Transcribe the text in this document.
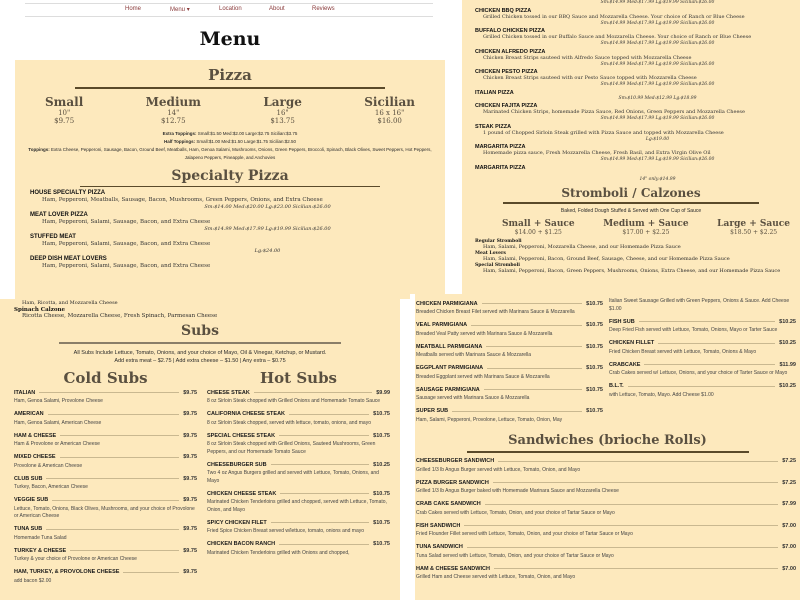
Home	Menu ▾	Location	About	Reviews
Menu
Pizza
Small
10"
$9.75
Medium
14"
$12.75
Large
16"
$13.75
Sicilian
16 x 16"
$16.00
Extra Toppings: Small:$1.50 Med:$2.00 Large:$2.75 Sicilian:$3.75
Half Toppings: Small:$1.00 Med:$1.50 Large:$1.75 Sicilian:$2.50
Toppings: Extra Cheese, Pepperoni, Sausage, Bacon, Ground Beef, Meatballs, Ham, Genoa Salami, Mushrooms, Onions, Green Peppers, Broccoli, Spinach, Black Olives, Sweet Peppers, Hot Peppers, Jalapeno Peppers, Pineapple, and Anchovies
Specialty Pizza
HOUSE SPECIALTY PIZZA
Ham, Pepperoni, Meatballs, Sausage, Bacon, Mushrooms, Green Peppers, Onions, and Extra Cheese
Sm:$14.00 Med:$20.00 Lg:$23.00 Sicilian:$26.00
MEAT LOVER PIZZA
Ham, Pepperoni, Salami, Sausage, Bacon, and Extra Cheese
Sm:$14.99 Med:$17.99 Lg:$19.99 Sicilian:$26.00
STUFFED MEAT
Ham, Pepperoni, Salami, Sausage, Bacon, and Extra Cheese
Lg:$24.00
DEEP DISH MEAT LOVERS
Ham, Pepperoni, Salami, Sausage, Bacon, and Extra Cheese
Sm:$14.99 Med:$17.99 Lg:$19.99 Sicilian:$26.00
CHICKEN BBQ PIZZA
Grilled Chicken tossed in our BBQ Sauce and Mozzarella Cheese. Your choice of Ranch or Blue Cheese
Sm:$14.99 Med:$17.99 Lg:$19.99 Sicilian:$26.00
BUFFALO CHICKEN PIZZA
Grilled Chicken tossed in our Buffalo Sauce and Mozzarella Cheese. Your choice of Ranch or Blue Cheese
Sm:$14.99 Med:$17.99 Lg:$19.99 Sicilian:$26.00
CHICKEN ALFREDO PIZZA
Chicken Breast Strips sauteed with Alfredo Sauce topped with Mozzarella Cheese
Sm:$14.99 Med:$17.99 Lg:$19.99 Sicilian:$26.00
CHICKEN PESTO PIZZA
Chicken Breast Strips sauteed with our Pesto Sauce topped with Mozzarella Cheese
Sm:$14.99 Med:$17.99 Lg:$19.99 Sicilian:$26.00
ITALIAN PIZZA
Sm:$10.99 Med:$12.99 Lg:$18.99
CHICKEN FAJITA PIZZA
Marinated Chicken Strips, homemade Pizza Sauce, Red Onions, Green Peppers and Mozzarella Cheese
Sm:$14.99 Med:$17.99 Lg:$19.99 Sicilian:$26.00
STEAK PIZZA
1 pound of Chopped Sirloin Steak grilled with Pizza Sauce and topped with Mozzarella Cheese
Lg:$19.00
MARGARITA PIZZA
Homemade pizza sauce, Fresh Mozzarella Cheese, Fresh Basil, and Extra Virgin Olive Oil
Sm:$14.99 Med:$17.99 Lg:$19.99 Sicilian:$26.00
MARGARITA PIZZA
14" only:$14.99
Stromboli / Calzones
Baked, Folded Dough Stuffed & Served with One Cup of Sauce
Small + Sauce
$14.00 + $1.25
Medium + Sauce
$17.00 + $2.25
Large + Sauce
$18.50 + $2.25
Regular Stromboli
Ham, Salami, Pepperoni, Mozzarella Cheese, and our Homemade Pizza Sauce
Meat Lovers
Ham, Salami, Pepperoni, Bacon, Ground Beef, Sausage, Cheese, and our Homemade Pizza Sauce
Special Stromboli
Ham, Salami, Pepperoni, Bacon, Green Peppers, Mushrooms, Onions, Extra Cheese, and our Homemade Pizza Sauce
Ham, Ricotta, and Mozzarella Cheese
Spinach Calzone
Ricotta Cheese, Mozzarella Cheese, Fresh Spinach, Parmesan Cheese
Subs
All Subs Include Lettuce, Tomato, Onions, and your choice of Mayo, Oil & Vinegar, Ketchup, or Mustard.
Add extra meat – $2.75 | Add extra cheese – $1.50 | Any extra – $0.75
Cold Subs
ITALIAN	$9.75
Ham, Genoa Salami, Provolone Cheese
AMERICAN	$9.75
Ham, Genoa Salami, American Cheese
HAM & CHEESE	$9.75
Ham & Provolone or American Cheese
MIXED CHEESE	$9.75
Provolone & American Cheese
CLUB SUB	$9.75
Turkey, Bacon, American Cheese
VEGGIE SUB	$9.75
Lettuce, Tomato, Onions, Black Olives, Mushrooms, and your choice of Provolone or American Cheese
TUNA SUB	$9.75
Homemade Tuna Salad
TURKEY & CHEESE	$9.75
Turkey & your choice of Provolone or American Cheese
HAM, TURKEY, & PROVOLONE CHEESE	$9.75
add bacon $2.00
Hot Subs
CHEESE STEAK	$9.99
8 oz Sirloin Steak chopped with Grilled Onions and Homemade Tomato Sauce
CALIFORNIA CHEESE STEAK	$10.75
8 oz Sirloin Steak chopped, served with lettuce, tomato, onions, and mayo
SPECIAL CHEESE STEAK	$10.75
8 oz Sirloin Steak chopped with Grilled Onions, Sauteed Mushrooms, Green Peppers, and our Homemade Tomato Sauce
CHEESEBURGER SUB	$10.25
Two 4 oz Angus Burgers grilled and served with Lettuce, Tomato, Onions, and Mayo
CHICKEN CHEESE STEAK	$10.75
Marinated Chicken Tenderloins grilled and chopped, served with Lettuce, Tomato, Onion, and Mayo
SPICY CHICKEN FILET	$10.75
Fried Spice Chicken Breast served w/lettuce, tomato, onions and mayo
CHICKEN BACON RANCH	$10.75
Marinated Chicken Tenderloins grilled with Onions and chopped,
CHICKEN PARMIGIANA	$10.75
Breaded Chicken Breast Filet served with Marinara Sauce & Mozzarella
VEAL PARMIGIANA	$10.75
Breaded Veal Patty served with Marinara Sauce & Mozzarella
MEATBALL PARMIGIANA	$10.75
Meatballs served with Marinara Sauce & Mozzarella
EGGPLANT PARMIGIANA	$10.75
Breaded Eggplant served with Marinara Sauce & Mozzarella
SAUSAGE PARMIGIANA	$10.75
Sausage served with Marinara Sauce & Mozzarella
SUPER SUB	$10.75
Ham, Salami, Pepperoni, Provolone, Lettuce, Tomato, Onion, May
Italian Sweet Sausage Grilled with Green Peppers, Onions & Sauce. Add Cheese $1.00
FISH SUB	$10.25
Deep Fried Fish served with Lettuce, Tomato, Onions, Mayo or Tarter Sauce
CHICKEN FILLET	$10.25
Fried Chicken Breast served with Lettuce, Tomato, Onions & Mayo
CRABCAKE	$11.99
Crab Cakes served w/ Lettuce, Onions, and your choice of Tarter Sauce or Mayo
B.L.T.	$10.25
with Lettuce, Tomato, Mayo. Add Cheese $1.00
Sandwiches (brioche Rolls)
CHEESEBURGER SANDWICH	$7.25
Grilled 1/3 lb Angus Burger served with Lettuce, Tomato, Onion, and Mayo
PIZZA BURGER SANDWICH	$7.25
Grilled 1/3 lb Angus Burger baked with Homemade Marinara Sauce and Mozzarella Cheese
CRAB CAKE SANDWICH	$7.99
Crab Cakes served with Lettuce, Tomato, Onion, and your choice of Tartar Sauce or Mayo
FISH SANDWICH	$7.00
Fried Flounder Fillet served with Lettuce, Tomato, Onion, and your choice of Tartar Sauce or Mayo
TUNA SANDWICH	$7.00
Tuna Salad served with Lettuce, Tomato, Onion, and your choice of Tartar Sauce or Mayo
HAM & CHEESE SANDWICH	$7.00
Grilled Ham and Cheese served with Lettuce, Tomato, Onion, and Mayo
